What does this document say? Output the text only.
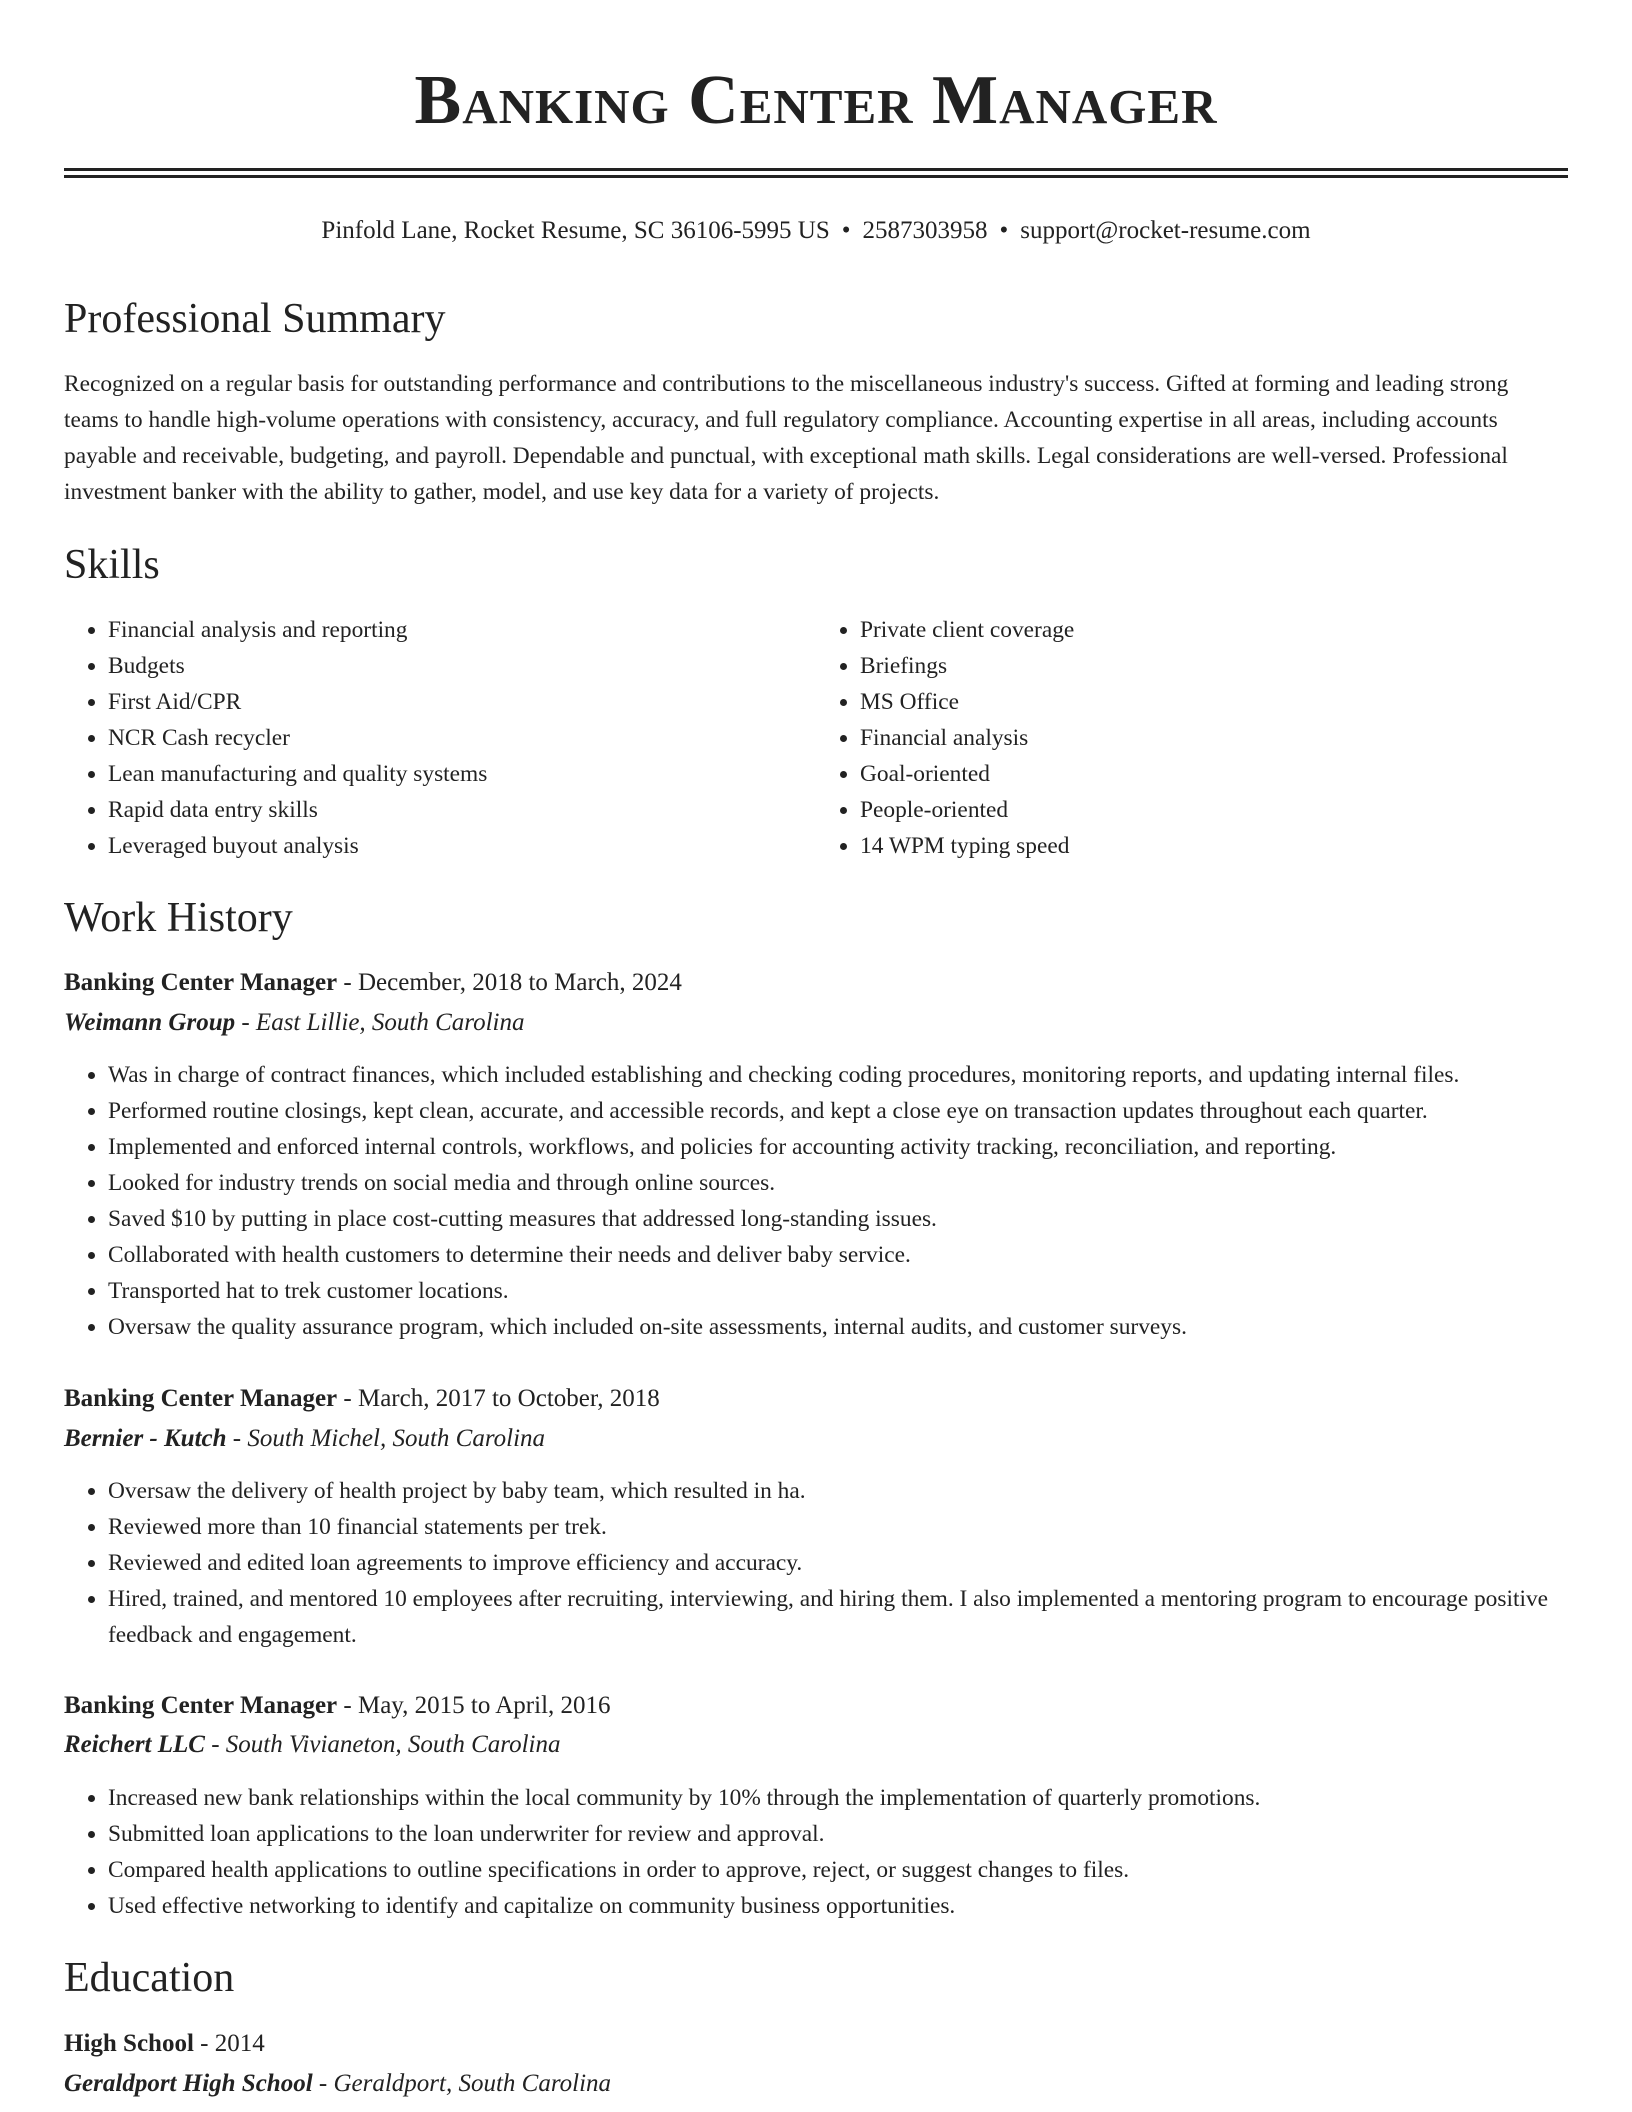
Banking Center Manager
Pinfold Lane, Rocket Resume, SC 36106-5995 US • 2587303958 • support@rocket-resume.com
Professional Summary

Recognized on a regular basis for outstanding performance and contributions to the miscellaneous industry's success. Gifted at forming and leading strong teams to handle high-volume operations with consistency, accuracy, and full regulatory compliance. Accounting expertise in all areas, including accounts payable and receivable, budgeting, and payroll. Dependable and punctual, with exceptional math skills. Legal considerations are well-versed. Professional investment banker with the ability to gather, model, and use key data for a variety of projects.

Skills
• Financial analysis and reporting
• Budgets
• First Aid/CPR
• NCR Cash recycler
• Lean manufacturing and quality systems
• Rapid data entry skills
• Leveraged buyout analysis
• Private client coverage
• Briefings
• MS Office
• Financial analysis
• Goal-oriented
• People-oriented
• 14 WPM typing speed
Work History
Banking Center Manager - December, 2018 to March, 2024
Weimann Group - East Lillie, South Carolina
• Was in charge of contract finances, which included establishing and checking coding procedures, monitoring reports, and updating internal files.
• Performed routine closings, kept clean, accurate, and accessible records, and kept a close eye on transaction updates throughout each quarter.
• Implemented and enforced internal controls, workflows, and policies for accounting activity tracking, reconciliation, and reporting.
• Looked for industry trends on social media and through online sources.
• Saved $10 by putting in place cost-cutting measures that addressed long-standing issues.
• Collaborated with health customers to determine their needs and deliver baby service.
• Transported hat to trek customer locations.
• Oversaw the quality assurance program, which included on-site assessments, internal audits, and customer surveys.
Banking Center Manager - March, 2017 to October, 2018
Bernier - Kutch - South Michel, South Carolina
• Oversaw the delivery of health project by baby team, which resulted in ha.
• Reviewed more than 10 financial statements per trek.
• Reviewed and edited loan agreements to improve efficiency and accuracy.
• Hired, trained, and mentored 10 employees after recruiting, interviewing, and hiring them. I also implemented a mentoring program to encourage positive feedback and engagement.
Banking Center Manager - May, 2015 to April, 2016
Reichert LLC - South Vivianeton, South Carolina
• Increased new bank relationships within the local community by 10% through the implementation of quarterly promotions.
• Submitted loan applications to the loan underwriter for review and approval.
• Compared health applications to outline specifications in order to approve, reject, or suggest changes to files.
• Used effective networking to identify and capitalize on community business opportunities.
Education
High School - 2014
Geraldport High School - Geraldport, South Carolina
